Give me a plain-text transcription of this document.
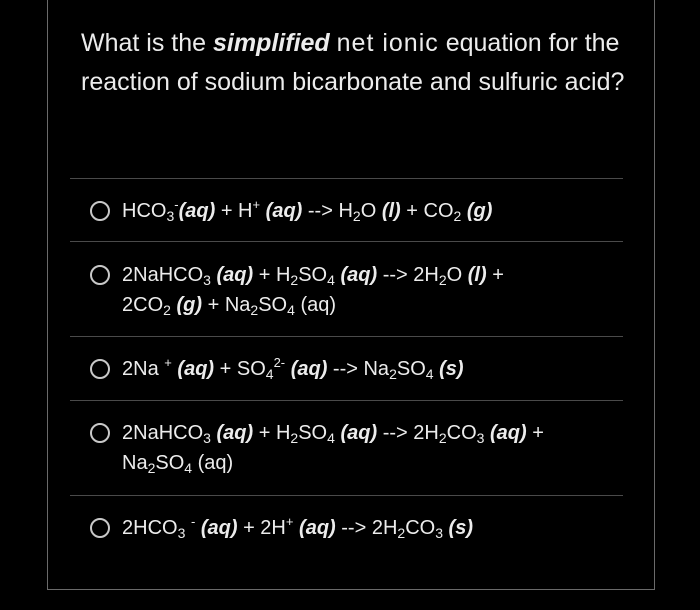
What is the simplified net ionic equation for the reaction of sodium bicarbonate and sulfuric acid?
$HCO_3^-(aq) + H^+$ (aq) --> $H_2O$ $(l) + CO_2$ (g)
2NaHCO$_3$ $(aq) + H_2SO_4$ (aq) --> $2H_2O$ (l) +
$2CO_2$ $(g) + Na_2SO_4$ (aq)
2Na + $(aq) + SO_4^{2-}$ (aq) --> $Na_2SO_4$ (s)
2NaHCO$_3$ $(aq) + H_2SO_4$ (aq) --> $2H_2CO_3$ (aq) +
$Na_2SO_4$ (aq)
$2HCO_3$ - (aq) + 2H+ (aq) --> $2H_2CO_3$ (s)
